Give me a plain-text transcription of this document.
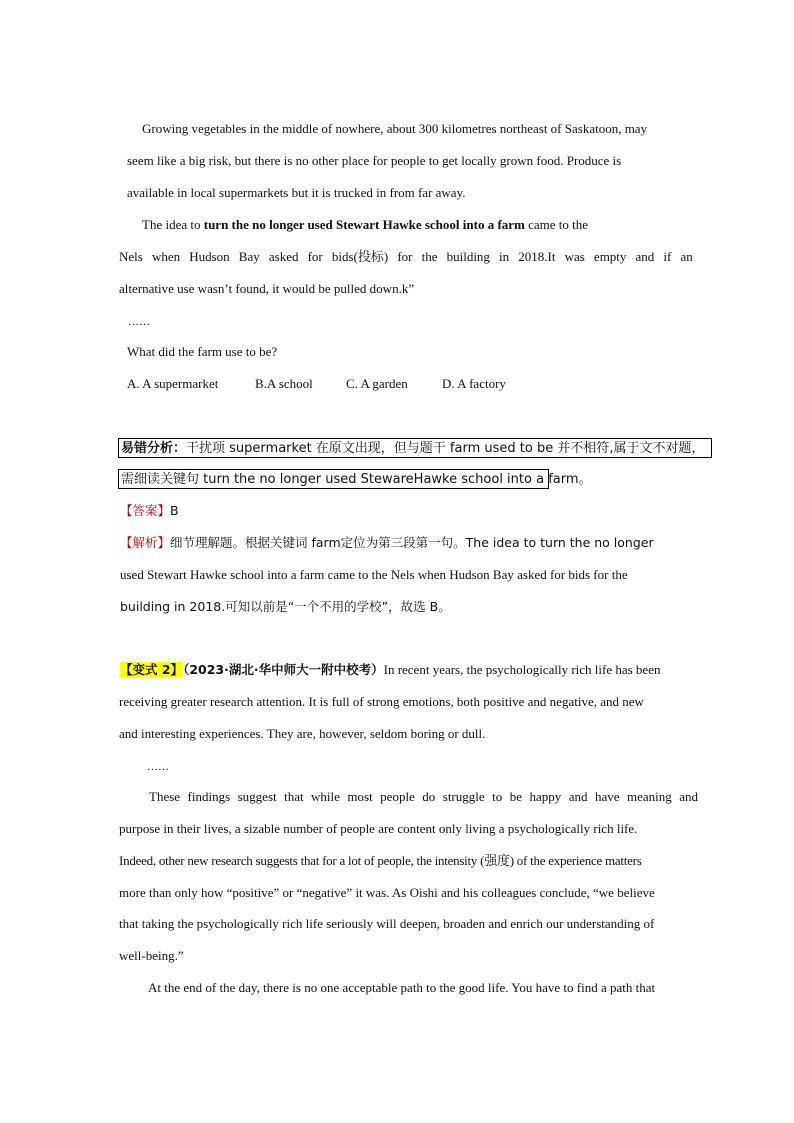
Growing vegetables in the middle of nowhere, about 300 kilometres northeast of Saskatoon, may
seem like a big risk, but there is no other place for people to get locally grown food. Produce is
available in local supermarkets but it is trucked in from far away.
The idea to turn the no longer used Stewart Hawke school into a farm came to the
Nels when Hudson Bay asked for bids(投标) for the building in 2018.It was empty and if an
alternative use wasn’t found, it would be pulled down.k”
……
What did the farm use to be?
A. A supermarket	B.A school	C. A garden	D. A factory
易错分析：干扰项 supermarket 在原文出现，但与题干 farm used to be 并不相符,属于文不对题，
需细读关键句 turn the no longer used StewareHawke school into a farm。
【答案】B
【解析】细节理解题。根据关键词 farm定位为第三段第一句。The idea to turn the no longer
used Stewart Hawke school into a farm came to the Nels when Hudson Bay asked for bids for the
building in 2018.可知以前是“一个不用的学校”，故选 B。
【变式 2】（2023·湖北·华中师大一附中校考）In recent years, the psychologically rich life has been
receiving greater research attention. It is full of strong emotions, both positive and negative, and new
and interesting experiences. They are, however, seldom boring or dull.
……
These findings suggest that while most people do struggle to be happy and have meaning and
purpose in their lives, a sizable number of people are content only living a psychologically rich life.
Indeed, other new research suggests that for a lot of people, the intensity (强度) of the experience matters
more than only how “positive” or “negative” it was. As Oishi and his colleagues conclude, “we believe
that taking the psychologically rich life seriously will deepen, broaden and enrich our understanding of
well-being.”
At the end of the day, there is no one acceptable path to the good life. You have to find a path that
